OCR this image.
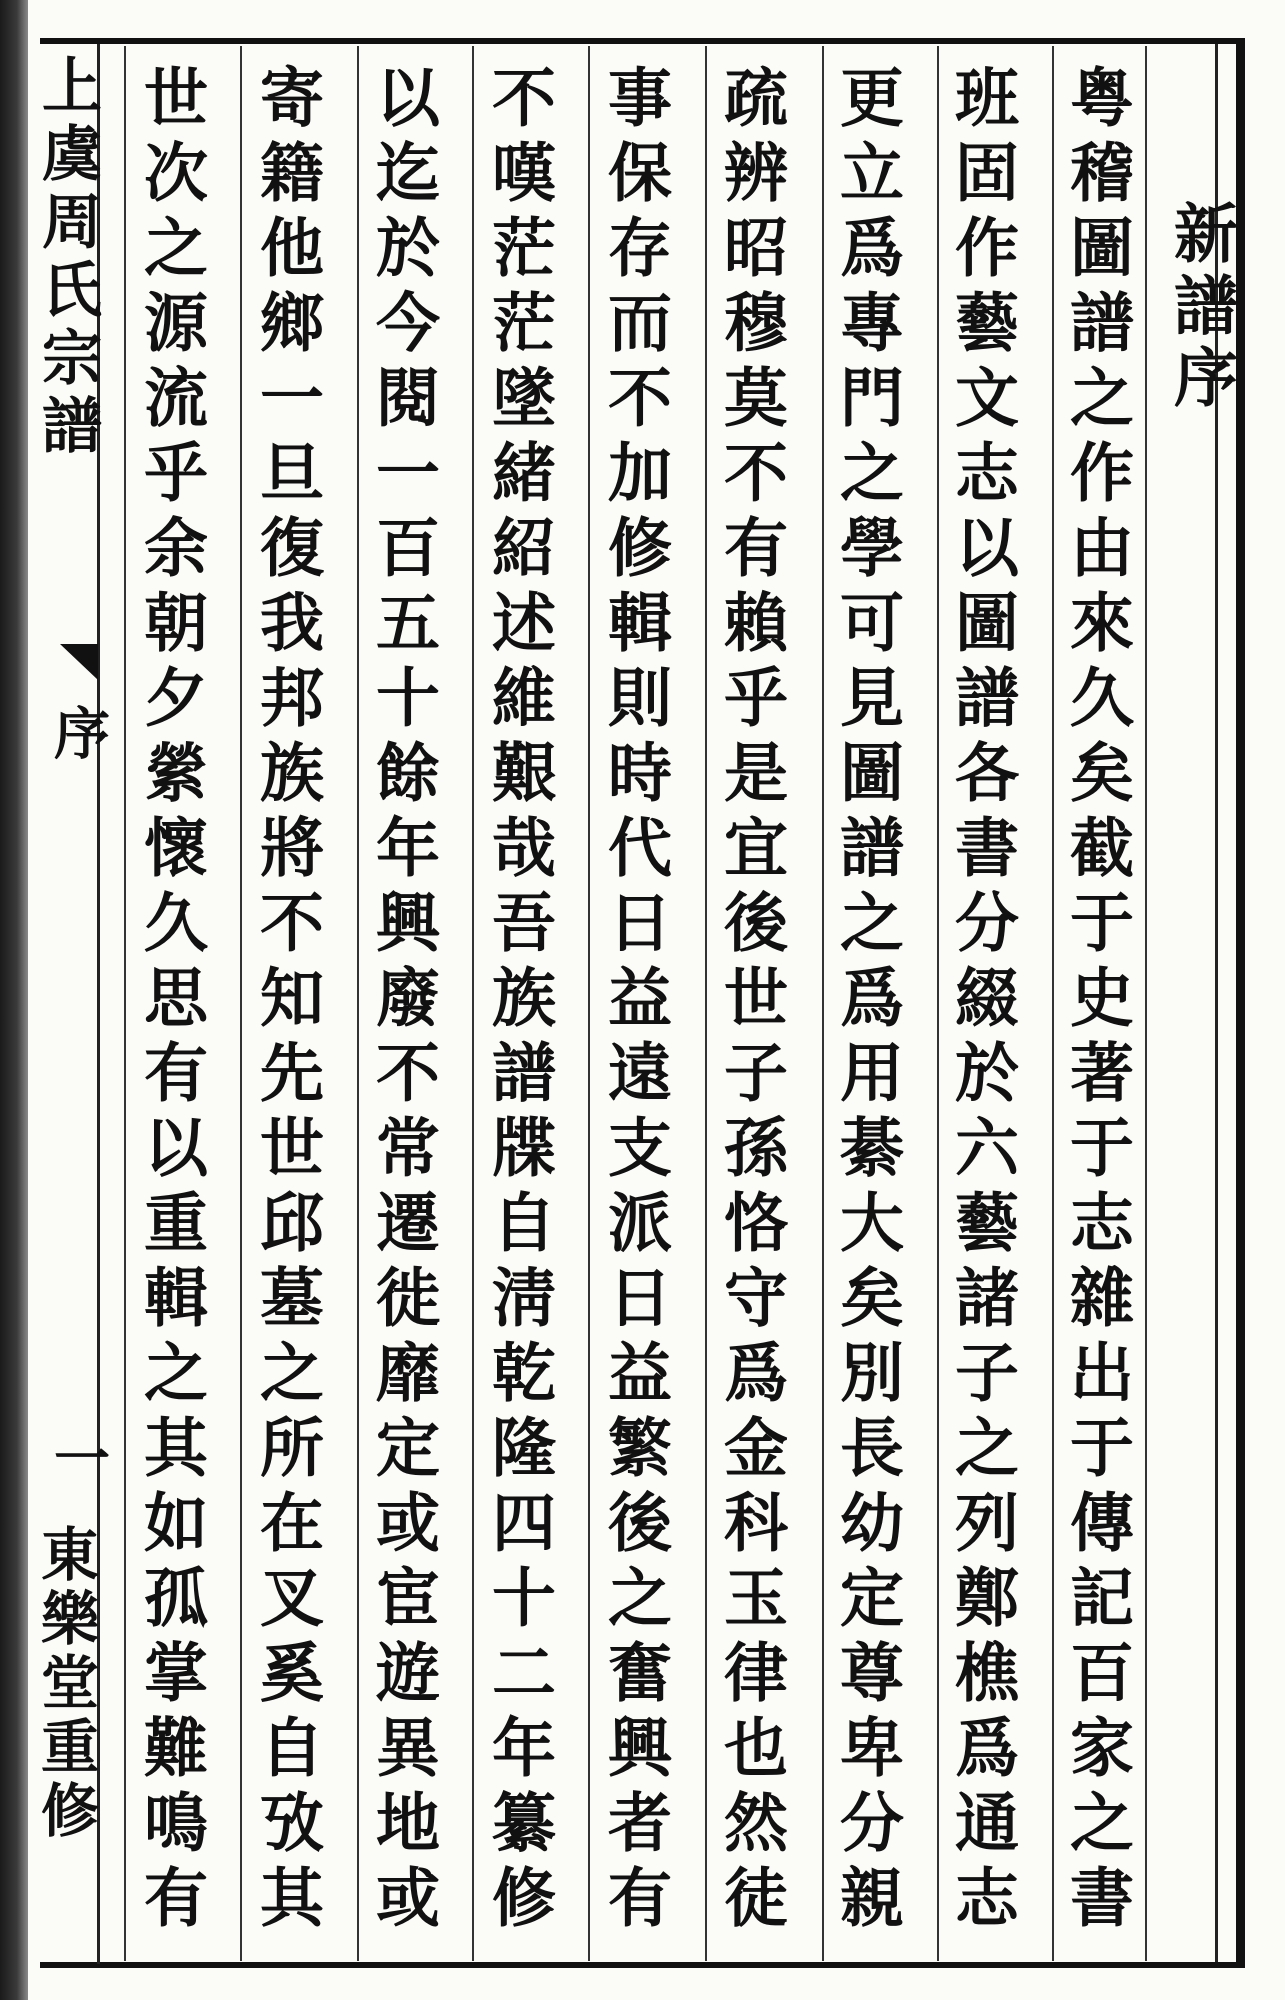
上虞周氏宗譜
序
一
東樂堂重修
新譜序
粤稽圖譜之作由來久矣截于史著于志雜出于傳記百家之書
班固作藝文志以圖譜各書分綴於六藝諸子之列鄭樵爲通志
更立爲專門之學可見圖譜之爲用綦大矣別長幼定尊卑分親
疏辨昭穆莫不有賴乎是宜後世子孫恪守爲金科玉律也然徒
事保存而不加修輯則時代日益遠支派日益繁後之奮興者有
不嘆茫茫墜緒紹述維艱哉吾族譜牒自淸乾隆四十二年纂修
以迄於今閱一百五十餘年興廢不常遷徙靡定或宦遊異地或
寄籍他鄉一旦復我邦族將不知先世邱墓之所在叉奚自攷其
世次之源流乎余朝夕縈懷久思有以重輯之其如孤掌難鳴有
